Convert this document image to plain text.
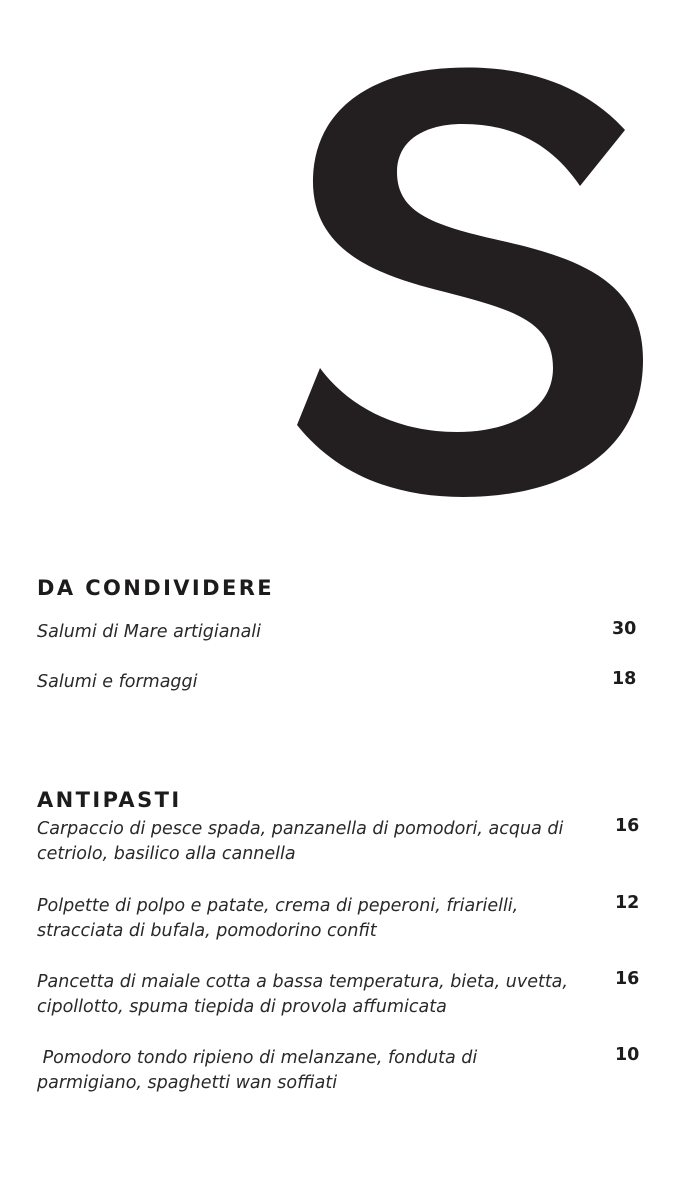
DA CONDIVIDERE
Salumi di Mare artigianali	30
Salumi e formaggi	18
ANTIPASTI
Carpaccio di pesce spada, panzanella di pomodori, acqua di cetriolo, basilico alla cannella
16
Polpette di polpo e patate, crema di peperoni, friarielli, stracciata di bufala, pomodorino confit
12
Pancetta di maiale cotta a bassa temperatura, bieta, uvetta, cipollotto, spuma tiepida di provola affumicata
16
Pomodoro tondo ripieno di melanzane, fonduta di parmigiano, spaghetti wan soffiati
10
